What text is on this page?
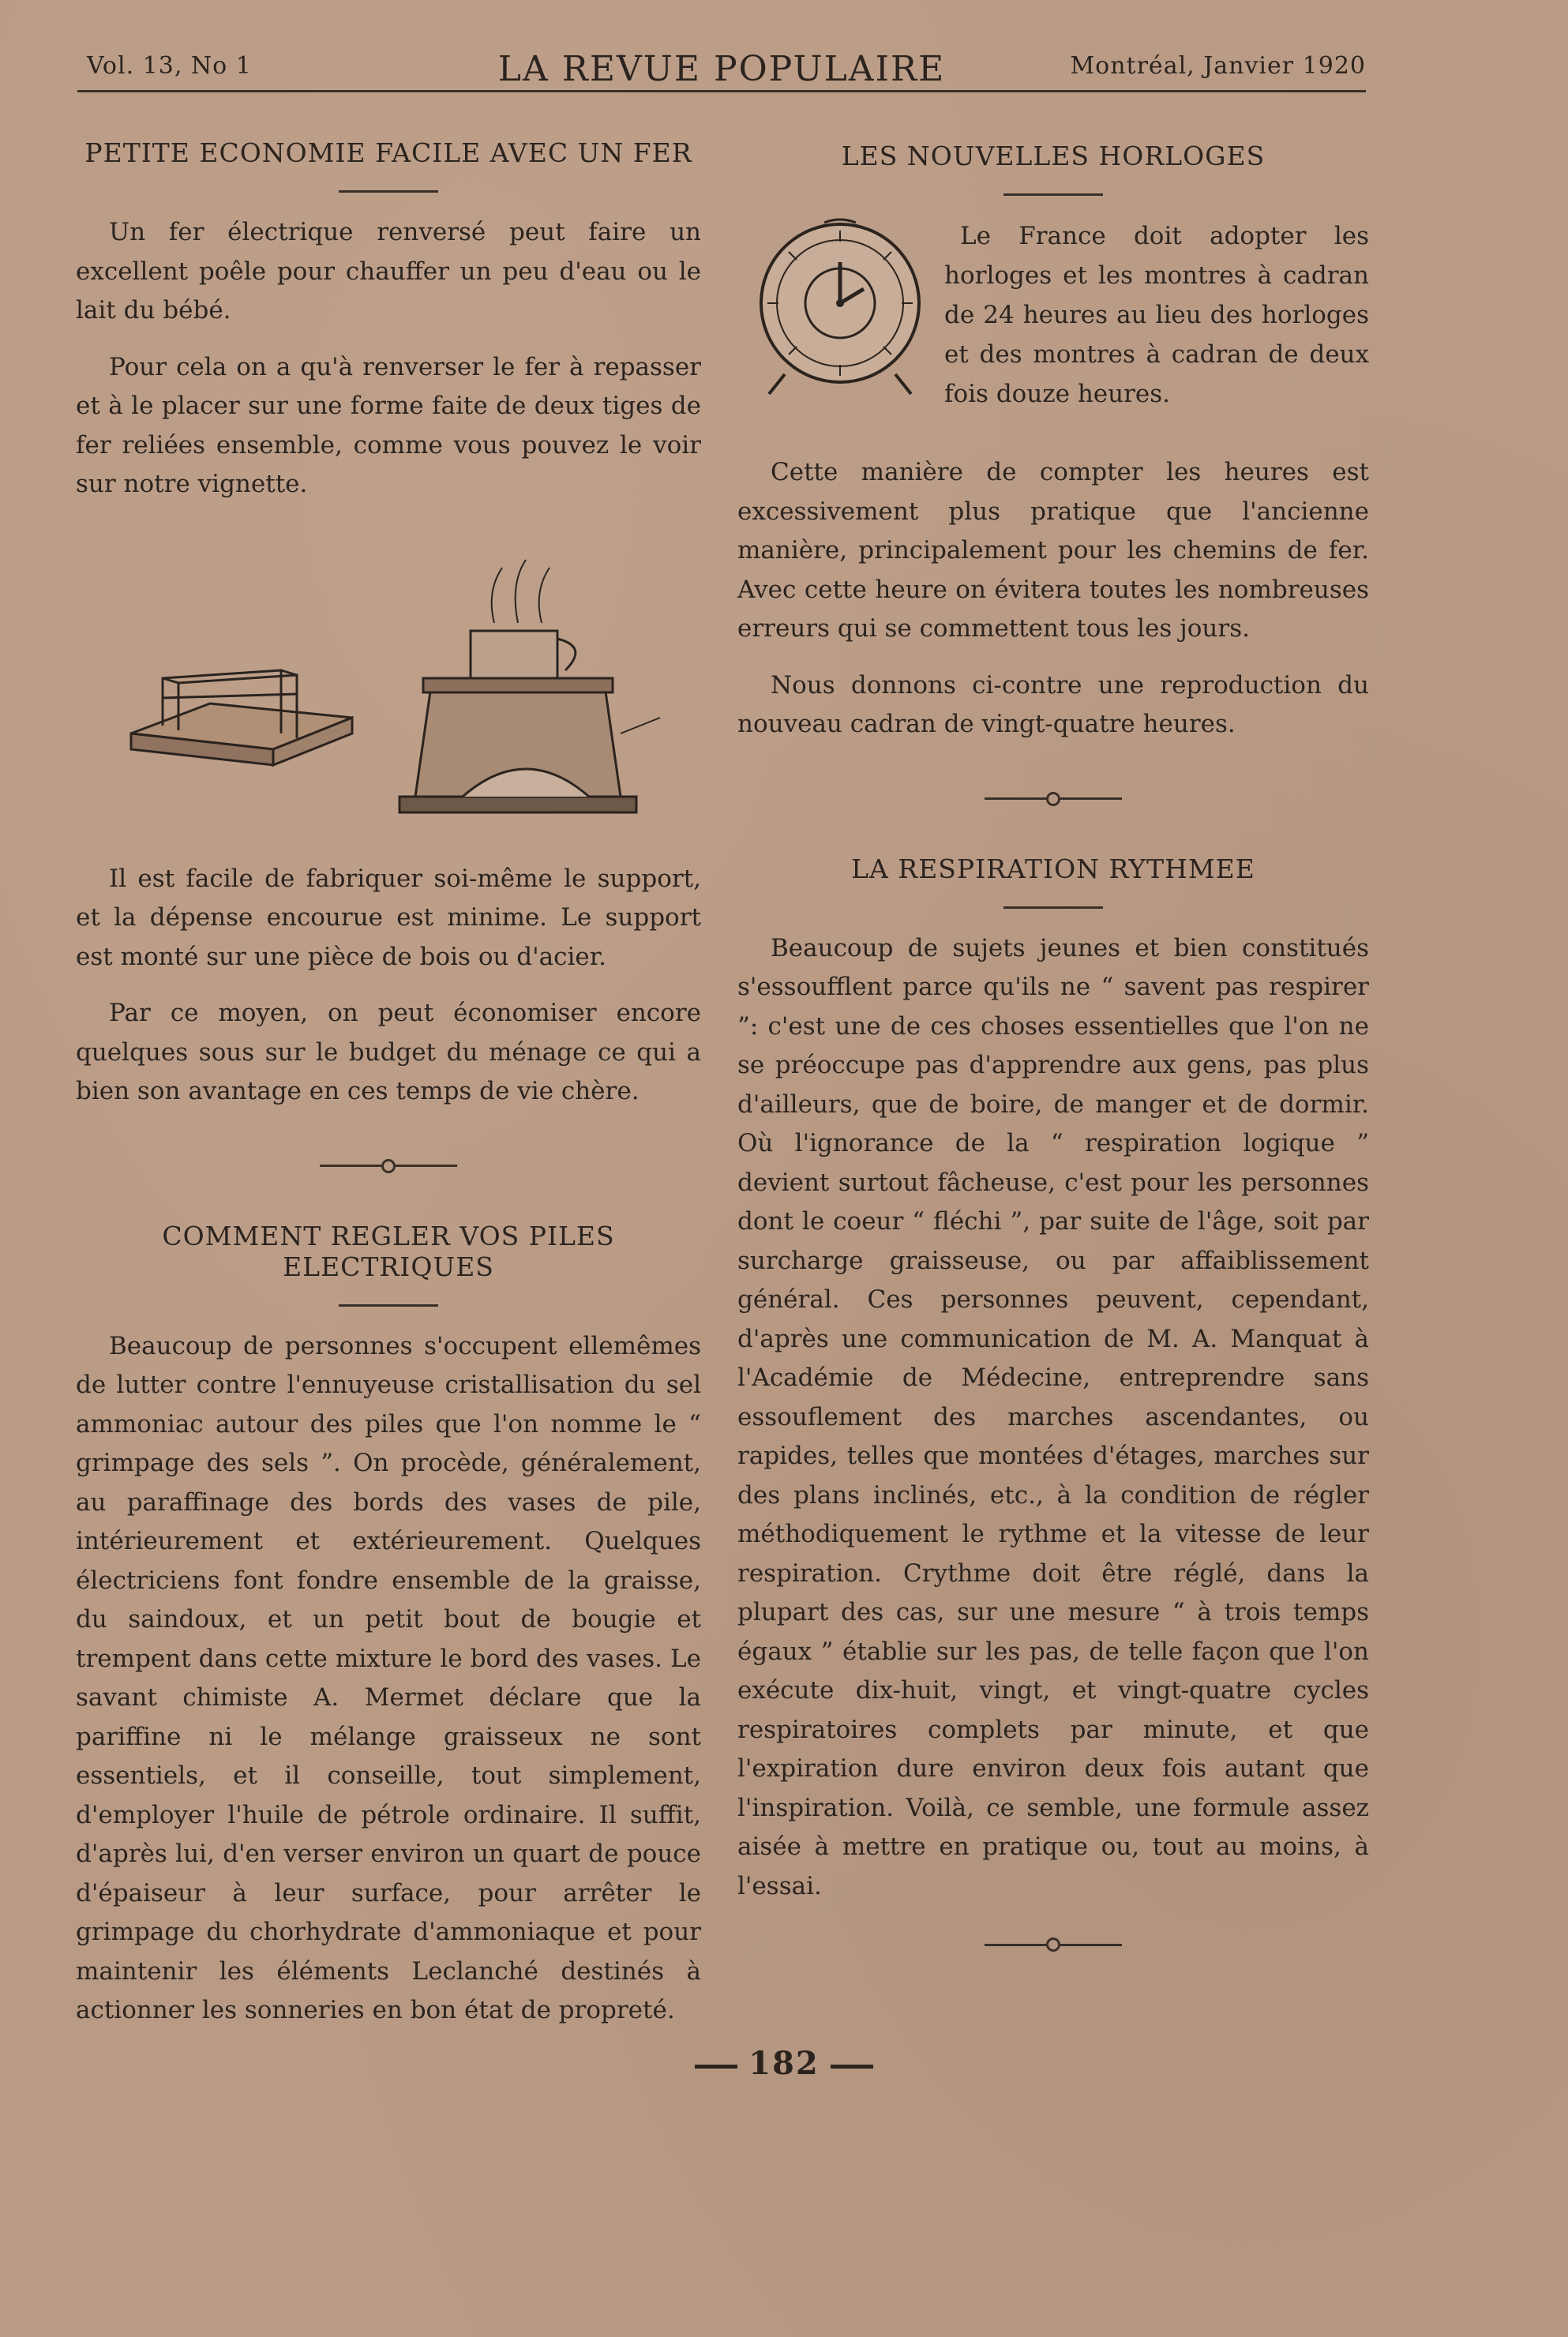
Vol. 13, No 1	LA REVUE POPULAIRE	Montréal, Janvier 1920
PETITE ECONOMIE FACILE AVEC UN FER

Un fer électrique renversé peut faire un excellent poêle pour chauffer un peu d'eau ou le lait du bébé.

Pour cela on a qu'à renverser le fer à repasser et à le placer sur une forme faite de deux tiges de fer reliées ensemble, comme vous pouvez le voir sur notre vignette.

Il est facile de fabriquer soi-même le support, et la dépense encourue est minime. Le support est monté sur une pièce de bois ou d'acier.

Par ce moyen, on peut économiser encore quelques sous sur le budget du ménage ce qui a bien son avantage en ces temps de vie chère.

COMMENT REGLER VOS PILES ELECTRIQUES

Beaucoup de personnes s'occupent ellemêmes de lutter contre l'ennuyeuse cristallisation du sel ammoniac autour des piles que l'on nomme le “ grimpage des sels ”. On procède, généralement, au paraffinage des bords des vases de pile, intérieurement et extérieurement. Quelques électriciens font fondre ensemble de la graisse, du saindoux, et un petit bout de bougie et trempent dans cette mixture le bord des vases. Le savant chimiste A. Mermet déclare que la pariffine ni le mélange graisseux ne sont essentiels, et il conseille, tout simplement, d'employer l'huile de pétrole ordinaire. Il suffit, d'après lui, d'en verser environ un quart de pouce d'épaiseur à leur surface, pour arrêter le grimpage du chorhydrate d'ammoniaque et pour maintenir les éléments Leclanché destinés à actionner les sonneries en bon état de propreté.

LES NOUVELLES HORLOGES
Le France doit adopter les horloges et les montres à cadran de 24 heures au lieu des horloges et des montres à cadran de deux fois douze heures.

Cette manière de compter les heures est excessivement plus pratique que l'ancienne manière, principalement pour les chemins de fer. Avec cette heure on évitera toutes les nombreuses erreurs qui se commettent tous les jours.

Nous donnons ci-contre une reproduction du nouveau cadran de vingt-quatre heures.

LA RESPIRATION RYTHMEE

Beaucoup de sujets jeunes et bien constitués s'essoufflent parce qu'ils ne “ savent pas respirer ”: c'est une de ces choses essentielles que l'on ne se préoccupe pas d'apprendre aux gens, pas plus d'ailleurs, que de boire, de manger et de dormir. Où l'ignorance de la “ respiration logique ” devient surtout fâcheuse, c'est pour les personnes dont le coeur “ fléchi ”, par suite de l'âge, soit par surcharge graisseuse, ou par affaiblissement général. Ces personnes peuvent, cependant, d'après une communication de M. A. Manquat à l'Académie de Médecine, entreprendre sans essouflement des marches ascendantes, ou rapides, telles que montées d'étages, marches sur des plans inclinés, etc., à la condition de régler méthodiquement le rythme et la vitesse de leur respiration. Crythme doit être réglé, dans la plupart des cas, sur une mesure “ à trois temps égaux ” établie sur les pas, de telle façon que l'on exécute dix-huit, vingt, et vingt-quatre cycles respiratoires complets par minute, et que l'expiration dure environ deux fois autant que l'inspiration. Voilà, ce semble, une formule assez aisée à mettre en pratique ou, tout au moins, à l'essai.

182
